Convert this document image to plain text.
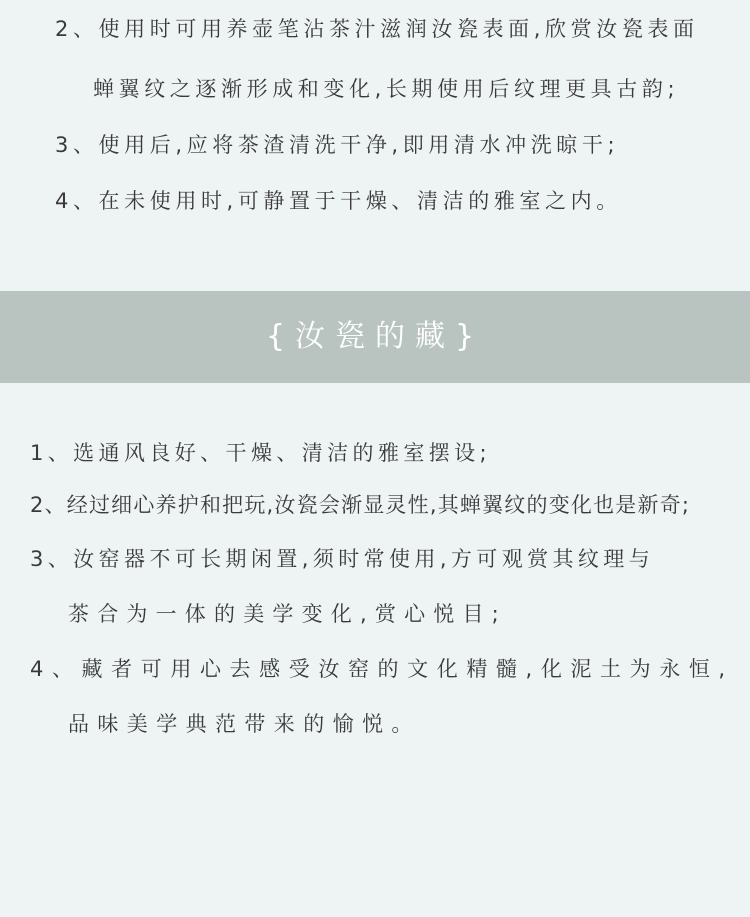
2、使用时可用养壶笔沾茶汁滋润汝瓷表面,欣赏汝瓷表面
蝉翼纹之逐渐形成和变化,长期使用后纹理更具古韵;
3、使用后,应将茶渣清洗干净,即用清水冲洗晾干;
4、在未使用时,可静置于干燥、清洁的雅室之内。
{汝瓷的藏}
1、选通风良好、干燥、清洁的雅室摆设;
2、经过细心养护和把玩,汝瓷会渐显灵性,其蝉翼纹的变化也是新奇;
3、汝窑器不可长期闲置,须时常使用,方可观赏其纹理与
茶合为一体的美学变化,赏心悦目;
4、藏者可用心去感受汝窑的文化精髓,化泥土为永恒,
品味美学典范带来的愉悦。
